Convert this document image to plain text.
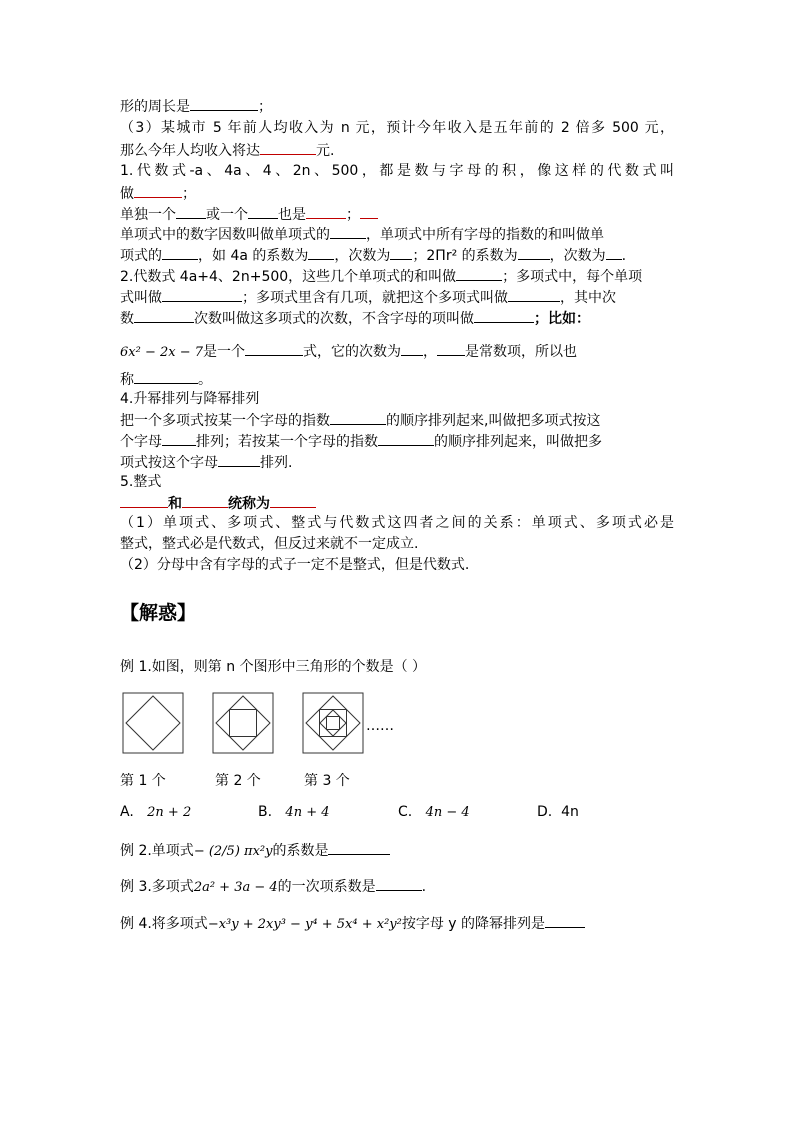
形的周长是	；
（3）某城市 5 年前人均收入为 n 元，预计今年收入是五年前的 2 倍多 500 元，
那么今年人均收入将达	元.
1.代数式-a、4a、4、2n、500，都是数与字母的积，像这样的代数式叫
做	；
单独一个 或一个 也是	；
单项式中的数字因数叫做单项式的	，单项式中所有字母的指数的和叫做单
项式的	，如 4a 的系数为 ，次数为 ；2Πr² 的系数为 ，次数为 .
2.代数式 4a+4、2n+500，这些几个单项式的和叫做	；多项式中，每个单项
式叫做	；多项式里含有几项，就把这个多项式叫做	，其中次
数	次数叫做这多项式的次数，不含字母的项叫做	；比如：
6x² − 2x − 7是一个	式，它的次数为 ， 是常数项，所以也
称	。
4.升幂排列与降幂排列
把一个多项式按某一个字母的指数	的顺序排列起来,叫做把多项式按这
个字母 排列；若按某一个字母的指数	的顺序排列起来，叫做把多
项式按这个字母	排列.
5.整式
和	统称为
（1）单项式、多项式、整式与代数式这四者之间的关系：单项式、多项式必是
整式，整式必是代数式，但反过来就不一定成立.
（2）分母中含有字母的式子一定不是整式，但是代数式.
【解惑】
例 1.如图，则第 n 个图形中三角形的个数是（ ）
……
第 1 个	第 2 个	第 3 个
A. 2n + 2	B. 4n + 4	C. 4n − 4	D. 4n
例 2.单项式− (2/5) πx²y的系数是
例 3.多项式2a² + 3a − 4的一次项系数是	.
例 4.将多项式−x³y + 2xy³ − y⁴ + 5x⁴ + x²y²按字母 y 的降幂排列是
